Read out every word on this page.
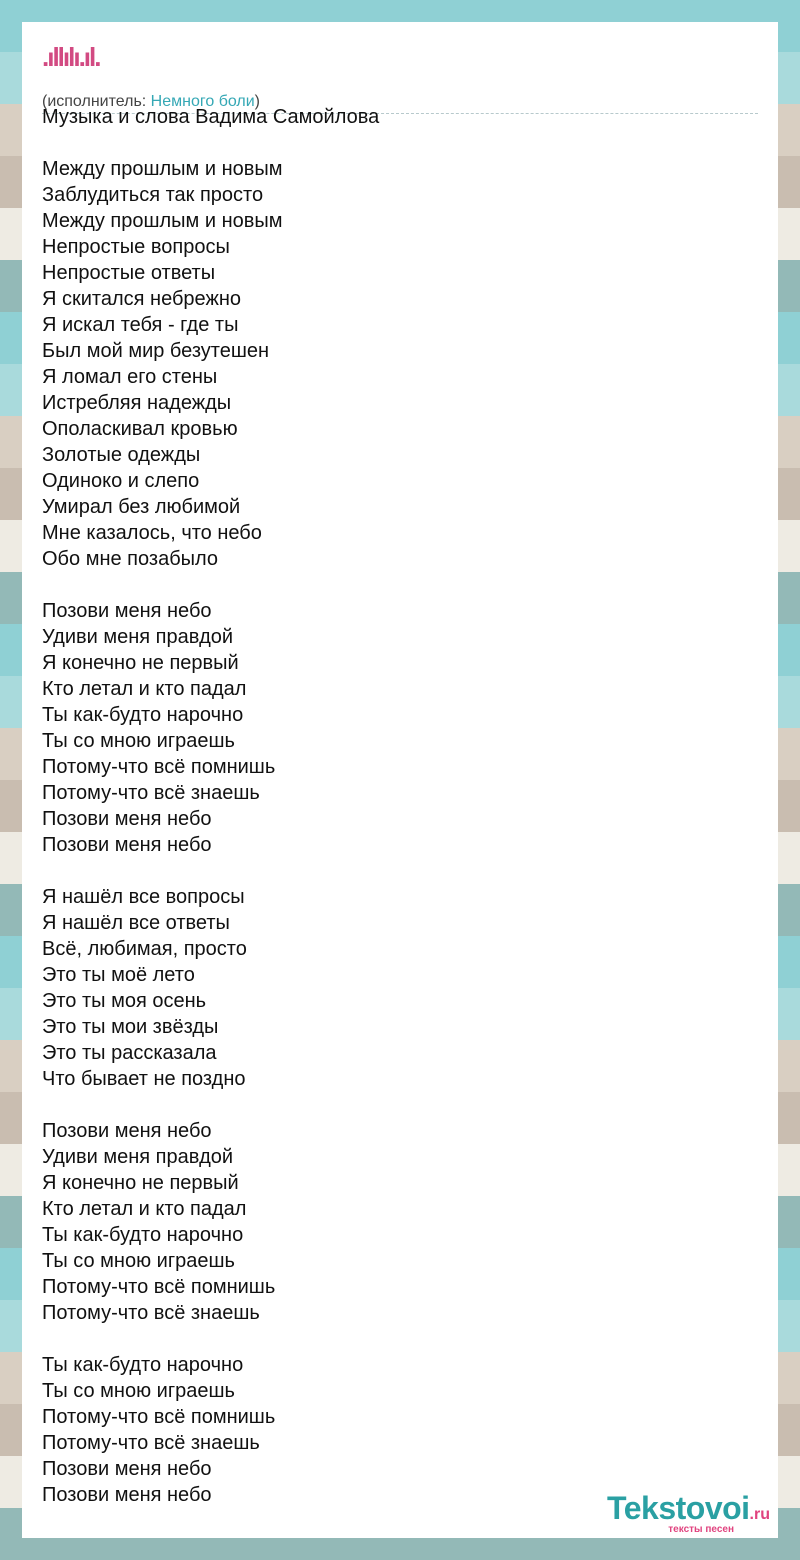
.ıllılı.ıl.
(исполнитель: Немного боли)
Музыка и слова Вадима Самойлова
Между прошлым и новым
Заблудиться так просто
Между прошлым и новым
Непростые вопросы
Непростые ответы
Я скитался небрежно
Я искал тебя - где ты
Был мой мир безутешен
Я ломал его стены
Истребляя надежды
Ополаскивал кровью
Золотые одежды
Одиноко и слепо
Умирал без любимой
Мне казалось, что небо
Обо мне позабыло
Позови меня небо
Удиви меня правдой
Я конечно не первый
Кто летал и кто падал
Ты как-будто нарочно
Ты со мною играешь
Потому-что всё помнишь
Потому-что всё знаешь
Позови меня небо
Позови меня небо
Я нашёл все вопросы
Я нашёл все ответы
Всё, любимая, просто
Это ты моё лето
Это ты моя осень
Это ты мои звёзды
Это ты рассказала
Что бывает не поздно
Позови меня небо
Удиви меня правдой
Я конечно не первый
Кто летал и кто падал
Ты как-будто нарочно
Ты со мною играешь
Потому-что всё помнишь
Потому-что всё знаешь
Ты как-будто нарочно
Ты со мною играешь
Потому-что всё помнишь
Потому-что всё знаешь
Позови меня небо
Позови меня небо	Tekstovoi.ru
тексты песен
